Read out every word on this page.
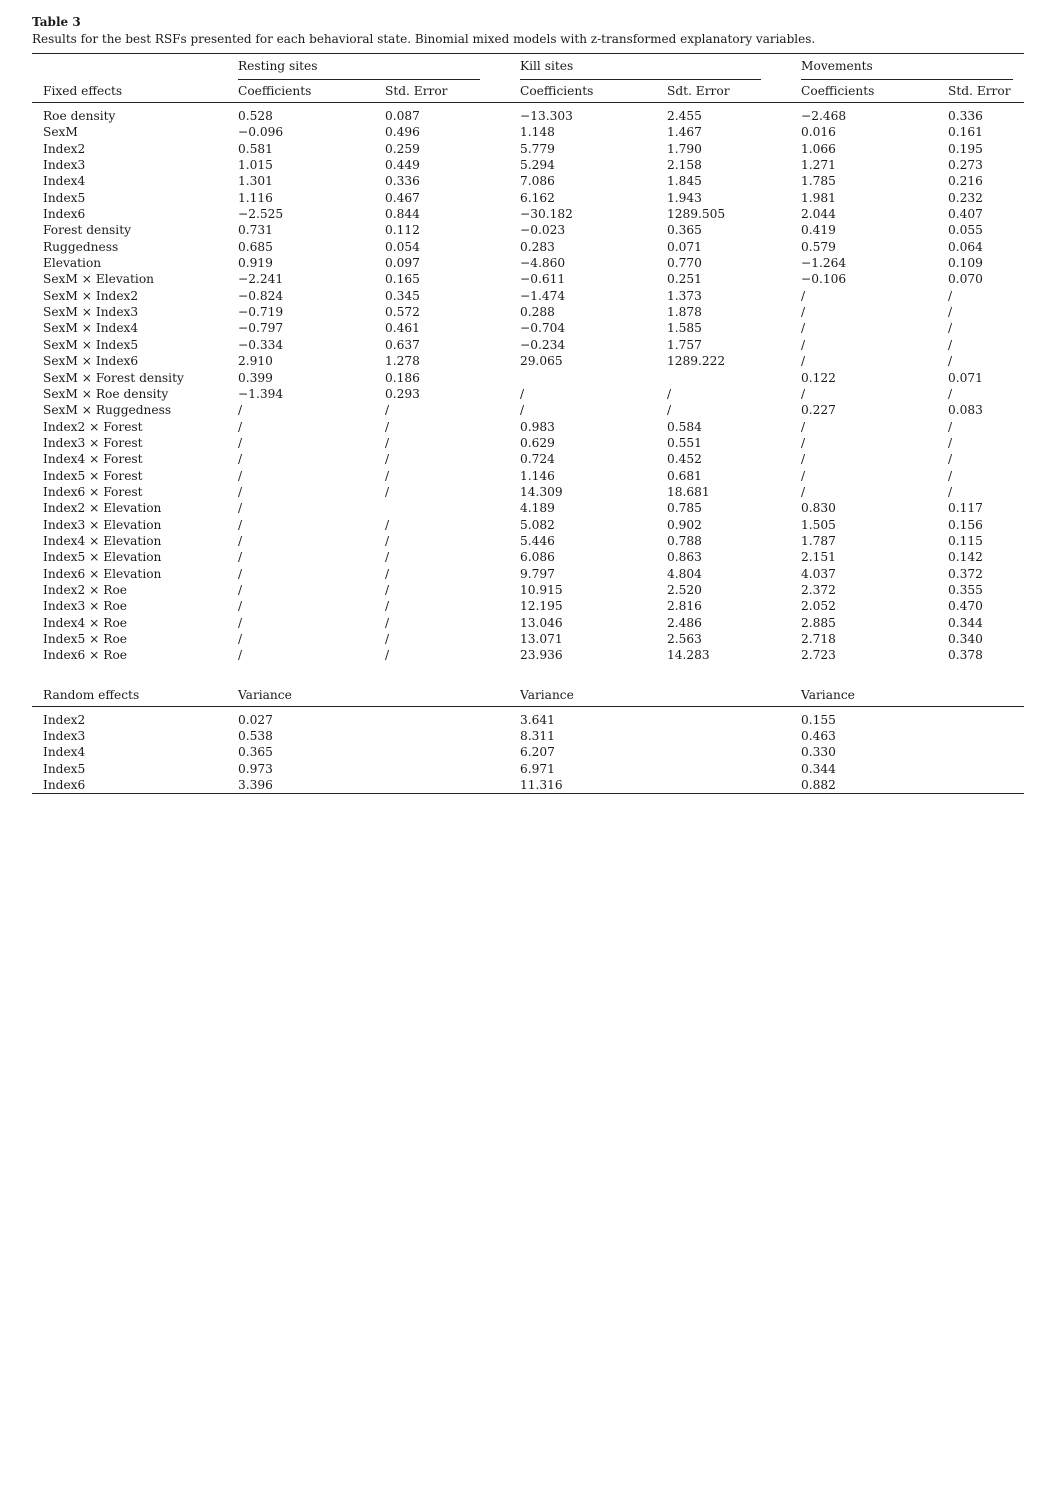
Table 3
Results for the best RSFs presented for each behavioral state. Binomial mixed models with z-transformed explanatory variables.

	Resting sites		Kill sites		Movements	

Fixed effects	Coefficients	Std. Error	Coefficients	Sdt. Error	Coefficients	Std. Error

Roe density	0.528	0.087	−13.303	2.455	−2.468	0.336
SexM	−0.096	0.496	1.148	1.467	0.016	0.161
Index2	0.581	0.259	5.779	1.790	1.066	0.195
Index3	1.015	0.449	5.294	2.158	1.271	0.273
Index4	1.301	0.336	7.086	1.845	1.785	0.216
Index5	1.116	0.467	6.162	1.943	1.981	0.232
Index6	−2.525	0.844	−30.182	1289.505	2.044	0.407
Forest density	0.731	0.112	−0.023	0.365	0.419	0.055
Ruggedness	0.685	0.054	0.283	0.071	0.579	0.064
Elevation	0.919	0.097	−4.860	0.770	−1.264	0.109
SexM × Elevation	−2.241	0.165	−0.611	0.251	−0.106	0.070
SexM × Index2	−0.824	0.345	−1.474	1.373	/	/
SexM × Index3	−0.719	0.572	0.288	1.878	/	/
SexM × Index4	−0.797	0.461	−0.704	1.585	/	/
SexM × Index5	−0.334	0.637	−0.234	1.757	/	/
SexM × Index6	2.910	1.278	29.065	1289.222	/	/
SexM × Forest density	0.399	0.186			0.122	0.071
SexM × Roe density	−1.394	0.293	/	/	/	/
SexM × Ruggedness	/	/	/	/	0.227	0.083
Index2 × Forest	/	/	0.983	0.584	/	/
Index3 × Forest	/	/	0.629	0.551	/	/
Index4 × Forest	/	/	0.724	0.452	/	/
Index5 × Forest	/	/	1.146	0.681	/	/
Index6 × Forest	/	/	14.309	18.681	/	/
Index2 × Elevation	/		4.189	0.785	0.830	0.117
Index3 × Elevation	/	/	5.082	0.902	1.505	0.156
Index4 × Elevation	/	/	5.446	0.788	1.787	0.115
Index5 × Elevation	/	/	6.086	0.863	2.151	0.142
Index6 × Elevation	/	/	9.797	4.804	4.037	0.372
Index2 × Roe	/	/	10.915	2.520	2.372	0.355
Index3 × Roe	/	/	12.195	2.816	2.052	0.470
Index4 × Roe	/	/	13.046	2.486	2.885	0.344
Index5 × Roe	/	/	13.071	2.563	2.718	0.340
Index6 × Roe	/	/	23.936	14.283	2.723	0.378

Random effects	Variance		Variance		Variance	

Index2	0.027		3.641		0.155	
Index3	0.538		8.311		0.463	
Index4	0.365		6.207		0.330	
Index5	0.973		6.971		0.344	
Index6	3.396		11.316		0.882	
